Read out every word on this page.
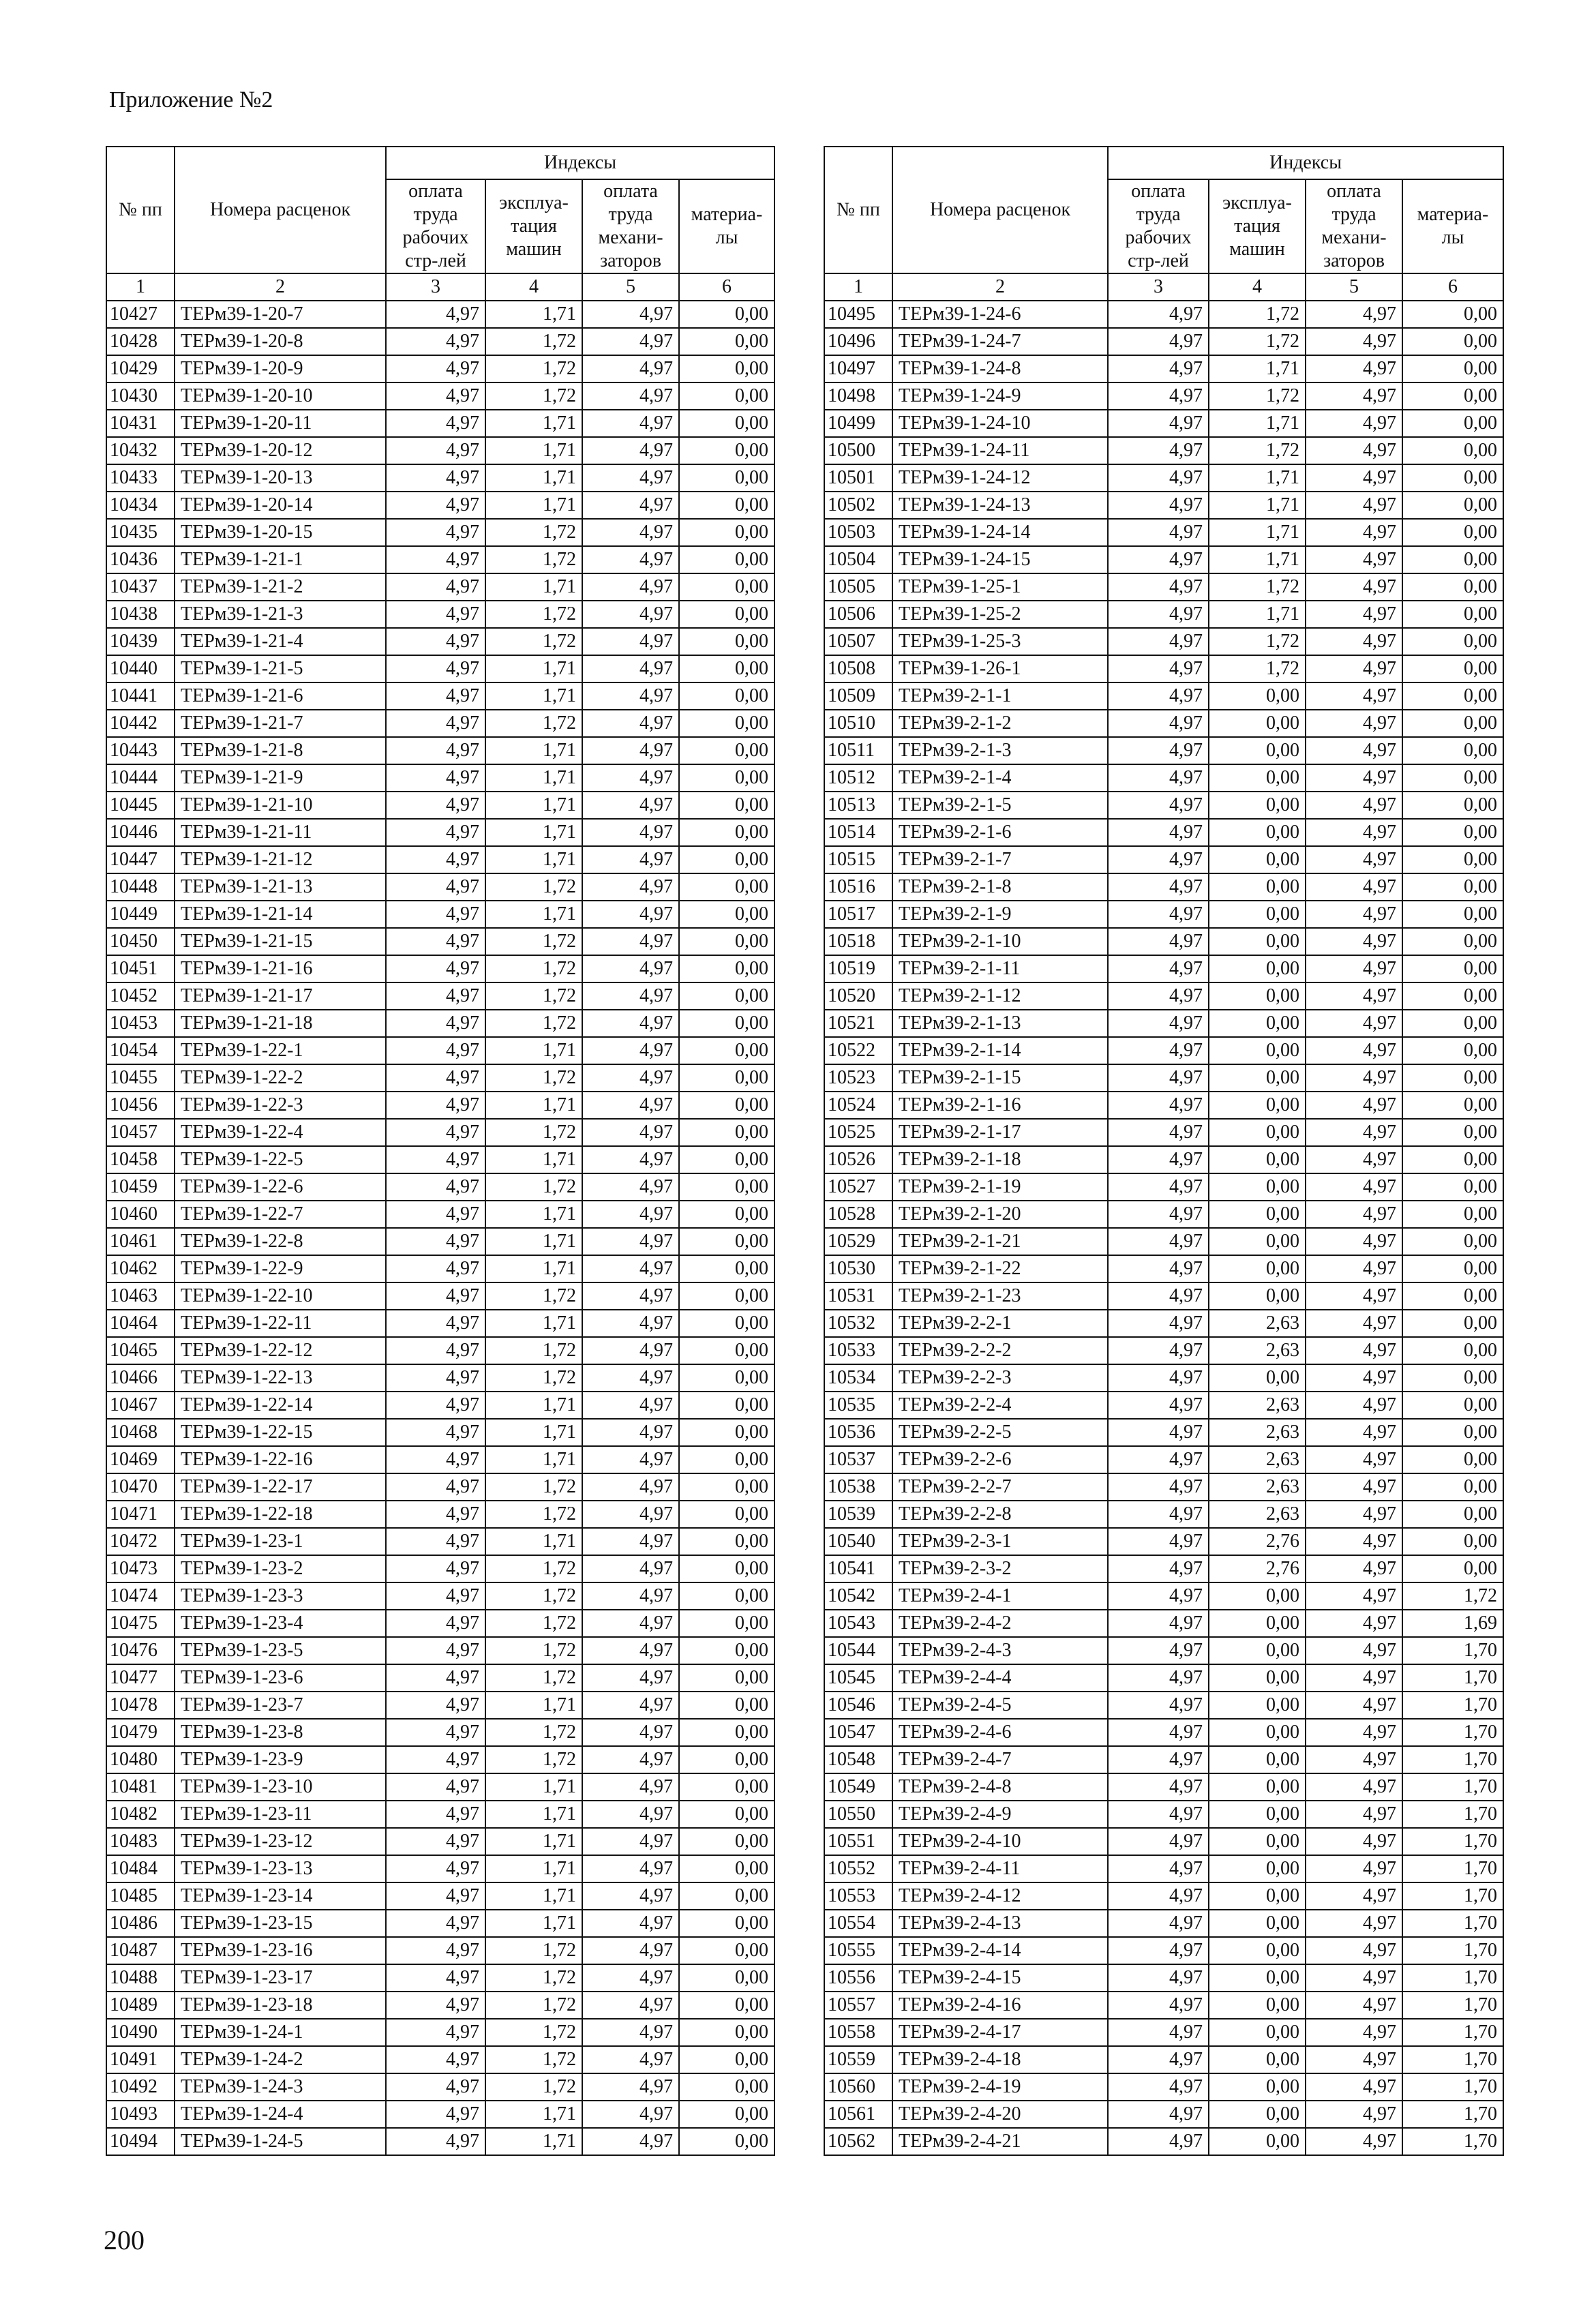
Приложение №2
№ пп	Номера расценок	Индексы			
		оплата труда рабочих стр-лей	эксплуа-тация машин	оплата труда механи-заторов	материа-лы
1	2	3	4	5	6
10427	ТЕРм39-1-20-7	4,97	1,71	4,97	0,00
10428	ТЕРм39-1-20-8	4,97	1,72	4,97	0,00
10429	ТЕРм39-1-20-9	4,97	1,72	4,97	0,00
10430	ТЕРм39-1-20-10	4,97	1,72	4,97	0,00
10431	ТЕРм39-1-20-11	4,97	1,71	4,97	0,00
10432	ТЕРм39-1-20-12	4,97	1,71	4,97	0,00
10433	ТЕРм39-1-20-13	4,97	1,71	4,97	0,00
10434	ТЕРм39-1-20-14	4,97	1,71	4,97	0,00
10435	ТЕРм39-1-20-15	4,97	1,72	4,97	0,00
10436	ТЕРм39-1-21-1	4,97	1,72	4,97	0,00
10437	ТЕРм39-1-21-2	4,97	1,71	4,97	0,00
10438	ТЕРм39-1-21-3	4,97	1,72	4,97	0,00
10439	ТЕРм39-1-21-4	4,97	1,72	4,97	0,00
10440	ТЕРм39-1-21-5	4,97	1,71	4,97	0,00
10441	ТЕРм39-1-21-6	4,97	1,71	4,97	0,00
10442	ТЕРм39-1-21-7	4,97	1,72	4,97	0,00
10443	ТЕРм39-1-21-8	4,97	1,71	4,97	0,00
10444	ТЕРм39-1-21-9	4,97	1,71	4,97	0,00
10445	ТЕРм39-1-21-10	4,97	1,71	4,97	0,00
10446	ТЕРм39-1-21-11	4,97	1,71	4,97	0,00
10447	ТЕРм39-1-21-12	4,97	1,71	4,97	0,00
10448	ТЕРм39-1-21-13	4,97	1,72	4,97	0,00
10449	ТЕРм39-1-21-14	4,97	1,71	4,97	0,00
10450	ТЕРм39-1-21-15	4,97	1,72	4,97	0,00
10451	ТЕРм39-1-21-16	4,97	1,72	4,97	0,00
10452	ТЕРм39-1-21-17	4,97	1,72	4,97	0,00
10453	ТЕРм39-1-21-18	4,97	1,72	4,97	0,00
10454	ТЕРм39-1-22-1	4,97	1,71	4,97	0,00
10455	ТЕРм39-1-22-2	4,97	1,72	4,97	0,00
10456	ТЕРм39-1-22-3	4,97	1,71	4,97	0,00
10457	ТЕРм39-1-22-4	4,97	1,72	4,97	0,00
10458	ТЕРм39-1-22-5	4,97	1,71	4,97	0,00
10459	ТЕРм39-1-22-6	4,97	1,72	4,97	0,00
10460	ТЕРм39-1-22-7	4,97	1,71	4,97	0,00
10461	ТЕРм39-1-22-8	4,97	1,71	4,97	0,00
10462	ТЕРм39-1-22-9	4,97	1,71	4,97	0,00
10463	ТЕРм39-1-22-10	4,97	1,72	4,97	0,00
10464	ТЕРм39-1-22-11	4,97	1,71	4,97	0,00
10465	ТЕРм39-1-22-12	4,97	1,72	4,97	0,00
10466	ТЕРм39-1-22-13	4,97	1,72	4,97	0,00
10467	ТЕРм39-1-22-14	4,97	1,71	4,97	0,00
10468	ТЕРм39-1-22-15	4,97	1,71	4,97	0,00
10469	ТЕРм39-1-22-16	4,97	1,71	4,97	0,00
10470	ТЕРм39-1-22-17	4,97	1,72	4,97	0,00
10471	ТЕРм39-1-22-18	4,97	1,72	4,97	0,00
10472	ТЕРм39-1-23-1	4,97	1,71	4,97	0,00
10473	ТЕРм39-1-23-2	4,97	1,72	4,97	0,00
10474	ТЕРм39-1-23-3	4,97	1,72	4,97	0,00
10475	ТЕРм39-1-23-4	4,97	1,72	4,97	0,00
10476	ТЕРм39-1-23-5	4,97	1,72	4,97	0,00
10477	ТЕРм39-1-23-6	4,97	1,72	4,97	0,00
10478	ТЕРм39-1-23-7	4,97	1,71	4,97	0,00
10479	ТЕРм39-1-23-8	4,97	1,72	4,97	0,00
10480	ТЕРм39-1-23-9	4,97	1,72	4,97	0,00
10481	ТЕРм39-1-23-10	4,97	1,71	4,97	0,00
10482	ТЕРм39-1-23-11	4,97	1,71	4,97	0,00
10483	ТЕРм39-1-23-12	4,97	1,71	4,97	0,00
10484	ТЕРм39-1-23-13	4,97	1,71	4,97	0,00
10485	ТЕРм39-1-23-14	4,97	1,71	4,97	0,00
10486	ТЕРм39-1-23-15	4,97	1,71	4,97	0,00
10487	ТЕРм39-1-23-16	4,97	1,72	4,97	0,00
10488	ТЕРм39-1-23-17	4,97	1,72	4,97	0,00
10489	ТЕРм39-1-23-18	4,97	1,72	4,97	0,00
10490	ТЕРм39-1-24-1	4,97	1,72	4,97	0,00
10491	ТЕРм39-1-24-2	4,97	1,72	4,97	0,00
10492	ТЕРм39-1-24-3	4,97	1,72	4,97	0,00
10493	ТЕРм39-1-24-4	4,97	1,71	4,97	0,00
10494	ТЕРм39-1-24-5	4,97	1,71	4,97	0,00
№ пп	Номера расценок	Индексы			
		оплата труда рабочих стр-лей	эксплуа-тация машин	оплата труда механи-заторов	материа-лы
1	2	3	4	5	6
10495	ТЕРм39-1-24-6	4,97	1,72	4,97	0,00
10496	ТЕРм39-1-24-7	4,97	1,72	4,97	0,00
10497	ТЕРм39-1-24-8	4,97	1,71	4,97	0,00
10498	ТЕРм39-1-24-9	4,97	1,72	4,97	0,00
10499	ТЕРм39-1-24-10	4,97	1,71	4,97	0,00
10500	ТЕРм39-1-24-11	4,97	1,72	4,97	0,00
10501	ТЕРм39-1-24-12	4,97	1,71	4,97	0,00
10502	ТЕРм39-1-24-13	4,97	1,71	4,97	0,00
10503	ТЕРм39-1-24-14	4,97	1,71	4,97	0,00
10504	ТЕРм39-1-24-15	4,97	1,71	4,97	0,00
10505	ТЕРм39-1-25-1	4,97	1,72	4,97	0,00
10506	ТЕРм39-1-25-2	4,97	1,71	4,97	0,00
10507	ТЕРм39-1-25-3	4,97	1,72	4,97	0,00
10508	ТЕРм39-1-26-1	4,97	1,72	4,97	0,00
10509	ТЕРм39-2-1-1	4,97	0,00	4,97	0,00
10510	ТЕРм39-2-1-2	4,97	0,00	4,97	0,00
10511	ТЕРм39-2-1-3	4,97	0,00	4,97	0,00
10512	ТЕРм39-2-1-4	4,97	0,00	4,97	0,00
10513	ТЕРм39-2-1-5	4,97	0,00	4,97	0,00
10514	ТЕРм39-2-1-6	4,97	0,00	4,97	0,00
10515	ТЕРм39-2-1-7	4,97	0,00	4,97	0,00
10516	ТЕРм39-2-1-8	4,97	0,00	4,97	0,00
10517	ТЕРм39-2-1-9	4,97	0,00	4,97	0,00
10518	ТЕРм39-2-1-10	4,97	0,00	4,97	0,00
10519	ТЕРм39-2-1-11	4,97	0,00	4,97	0,00
10520	ТЕРм39-2-1-12	4,97	0,00	4,97	0,00
10521	ТЕРм39-2-1-13	4,97	0,00	4,97	0,00
10522	ТЕРм39-2-1-14	4,97	0,00	4,97	0,00
10523	ТЕРм39-2-1-15	4,97	0,00	4,97	0,00
10524	ТЕРм39-2-1-16	4,97	0,00	4,97	0,00
10525	ТЕРм39-2-1-17	4,97	0,00	4,97	0,00
10526	ТЕРм39-2-1-18	4,97	0,00	4,97	0,00
10527	ТЕРм39-2-1-19	4,97	0,00	4,97	0,00
10528	ТЕРм39-2-1-20	4,97	0,00	4,97	0,00
10529	ТЕРм39-2-1-21	4,97	0,00	4,97	0,00
10530	ТЕРм39-2-1-22	4,97	0,00	4,97	0,00
10531	ТЕРм39-2-1-23	4,97	0,00	4,97	0,00
10532	ТЕРм39-2-2-1	4,97	2,63	4,97	0,00
10533	ТЕРм39-2-2-2	4,97	2,63	4,97	0,00
10534	ТЕРм39-2-2-3	4,97	0,00	4,97	0,00
10535	ТЕРм39-2-2-4	4,97	2,63	4,97	0,00
10536	ТЕРм39-2-2-5	4,97	2,63	4,97	0,00
10537	ТЕРм39-2-2-6	4,97	2,63	4,97	0,00
10538	ТЕРм39-2-2-7	4,97	2,63	4,97	0,00
10539	ТЕРм39-2-2-8	4,97	2,63	4,97	0,00
10540	ТЕРм39-2-3-1	4,97	2,76	4,97	0,00
10541	ТЕРм39-2-3-2	4,97	2,76	4,97	0,00
10542	ТЕРм39-2-4-1	4,97	0,00	4,97	1,72
10543	ТЕРм39-2-4-2	4,97	0,00	4,97	1,69
10544	ТЕРм39-2-4-3	4,97	0,00	4,97	1,70
10545	ТЕРм39-2-4-4	4,97	0,00	4,97	1,70
10546	ТЕРм39-2-4-5	4,97	0,00	4,97	1,70
10547	ТЕРм39-2-4-6	4,97	0,00	4,97	1,70
10548	ТЕРм39-2-4-7	4,97	0,00	4,97	1,70
10549	ТЕРм39-2-4-8	4,97	0,00	4,97	1,70
10550	ТЕРм39-2-4-9	4,97	0,00	4,97	1,70
10551	ТЕРм39-2-4-10	4,97	0,00	4,97	1,70
10552	ТЕРм39-2-4-11	4,97	0,00	4,97	1,70
10553	ТЕРм39-2-4-12	4,97	0,00	4,97	1,70
10554	ТЕРм39-2-4-13	4,97	0,00	4,97	1,70
10555	ТЕРм39-2-4-14	4,97	0,00	4,97	1,70
10556	ТЕРм39-2-4-15	4,97	0,00	4,97	1,70
10557	ТЕРм39-2-4-16	4,97	0,00	4,97	1,70
10558	ТЕРм39-2-4-17	4,97	0,00	4,97	1,70
10559	ТЕРм39-2-4-18	4,97	0,00	4,97	1,70
10560	ТЕРм39-2-4-19	4,97	0,00	4,97	1,70
10561	ТЕРм39-2-4-20	4,97	0,00	4,97	1,70
10562	ТЕРм39-2-4-21	4,97	0,00	4,97	1,70
200
